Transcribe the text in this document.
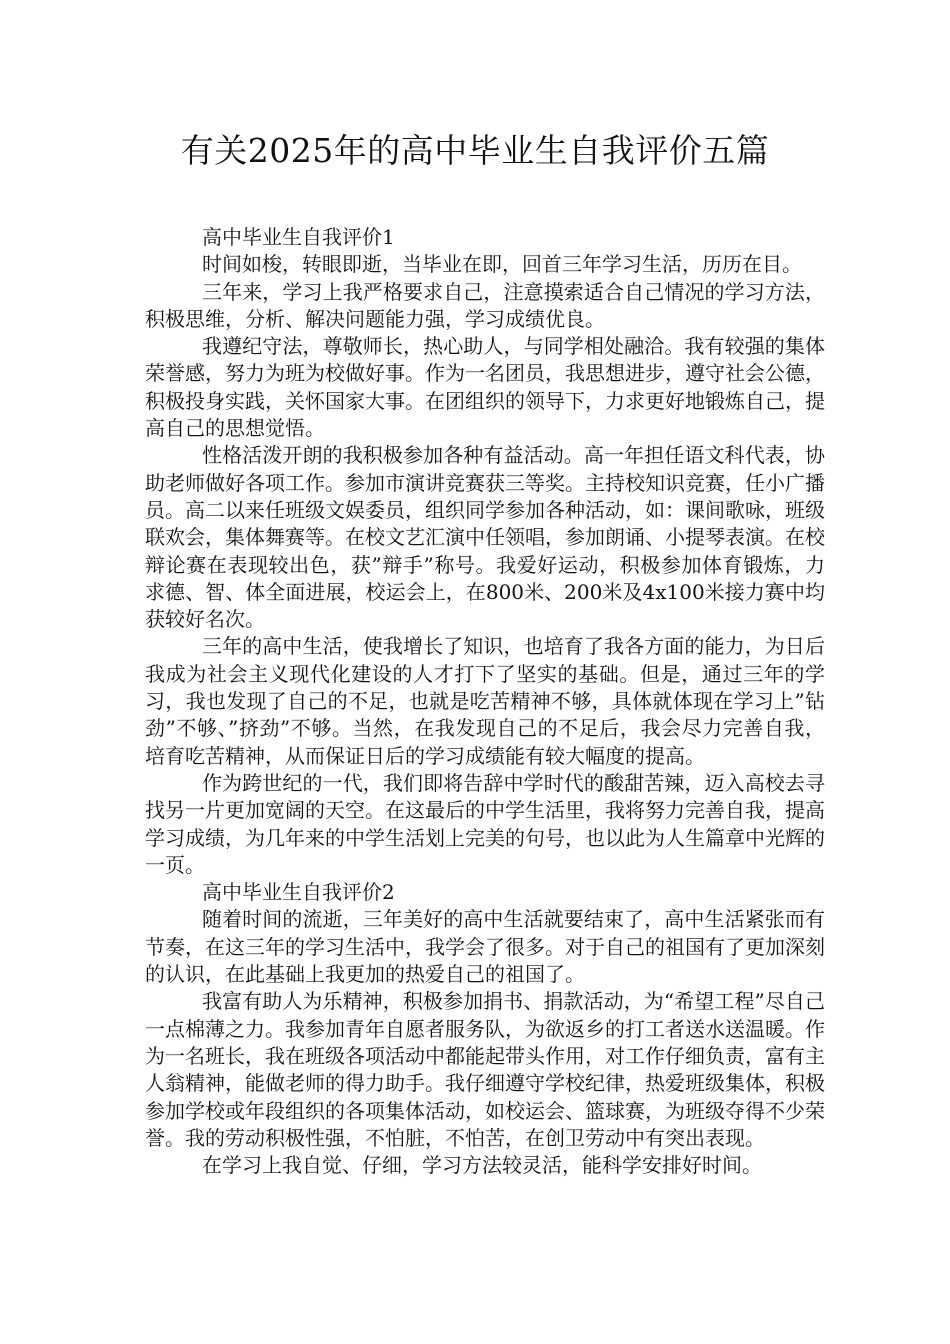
有关2025年的高中毕业生自我评价五篇

高中毕业生自我评价1

时间如梭，转眼即逝，当毕业在即，回首三年学习生活，历历在目。

三年来，学习上我严格要求自己，注意摸索适合自己情况的学习方法，积极思维，分析、解决问题能力强，学习成绩优良。

我遵纪守法，尊敬师长，热心助人，与同学相处融洽。我有较强的集体荣誉感，努力为班为校做好事。作为一名团员，我思想进步，遵守社会公德，积极投身实践，关怀国家大事。在团组织的领导下，力求更好地锻炼自己，提高自己的思想觉悟。

性格活泼开朗的我积极参加各种有益活动。高一年担任语文科代表，协助老师做好各项工作。参加市演讲竞赛获三等奖。主持校知识竞赛，任小广播员。高二以来任班级文娱委员，组织同学参加各种活动，如：课间歌咏，班级联欢会，集体舞赛等。在校文艺汇演中任领唱，参加朗诵、小提琴表演。在校辩论赛在表现较出色，获”辩手”称号。我爱好运动，积极参加体育锻炼，力求德、智、体全面进展，校运会上，在800米、200米及4x100米接力赛中均获较好名次。

三年的高中生活，使我增长了知识，也培育了我各方面的能力，为日后我成为社会主义现代化建设的人才打下了坚实的基础。但是，通过三年的学习，我也发现了自己的不足，也就是吃苦精神不够，具体就体现在学习上”钻劲”不够、”挤劲”不够。当然，在我发现自己的不足后，我会尽力完善自我，培育吃苦精神，从而保证日后的学习成绩能有较大幅度的提高。

作为跨世纪的一代，我们即将告辞中学时代的酸甜苦辣，迈入高校去寻找另一片更加宽阔的天空。在这最后的中学生活里，我将努力完善自我，提高学习成绩，为几年来的中学生活划上完美的句号，也以此为人生篇章中光辉的一页。

高中毕业生自我评价2

随着时间的流逝，三年美好的高中生活就要结束了，高中生活紧张而有节奏，在这三年的学习生活中，我学会了很多。对于自己的祖国有了更加深刻的认识，在此基础上我更加的热爱自己的祖国了。

我富有助人为乐精神，积极参加捐书、捐款活动，为“希望工程”尽自己一点棉薄之力。我参加青年自愿者服务队，为欲返乡的打工者送水送温暖。作为一名班长，我在班级各项活动中都能起带头作用，对工作仔细负责，富有主人翁精神，能做老师的得力助手。我仔细遵守学校纪律，热爱班级集体，积极参加学校或年段组织的各项集体活动，如校运会、篮球赛，为班级夺得不少荣誉。我的劳动积极性强，不怕脏，不怕苦，在创卫劳动中有突出表现。

在学习上我自觉、仔细，学习方法较灵活，能科学安排好时间。
